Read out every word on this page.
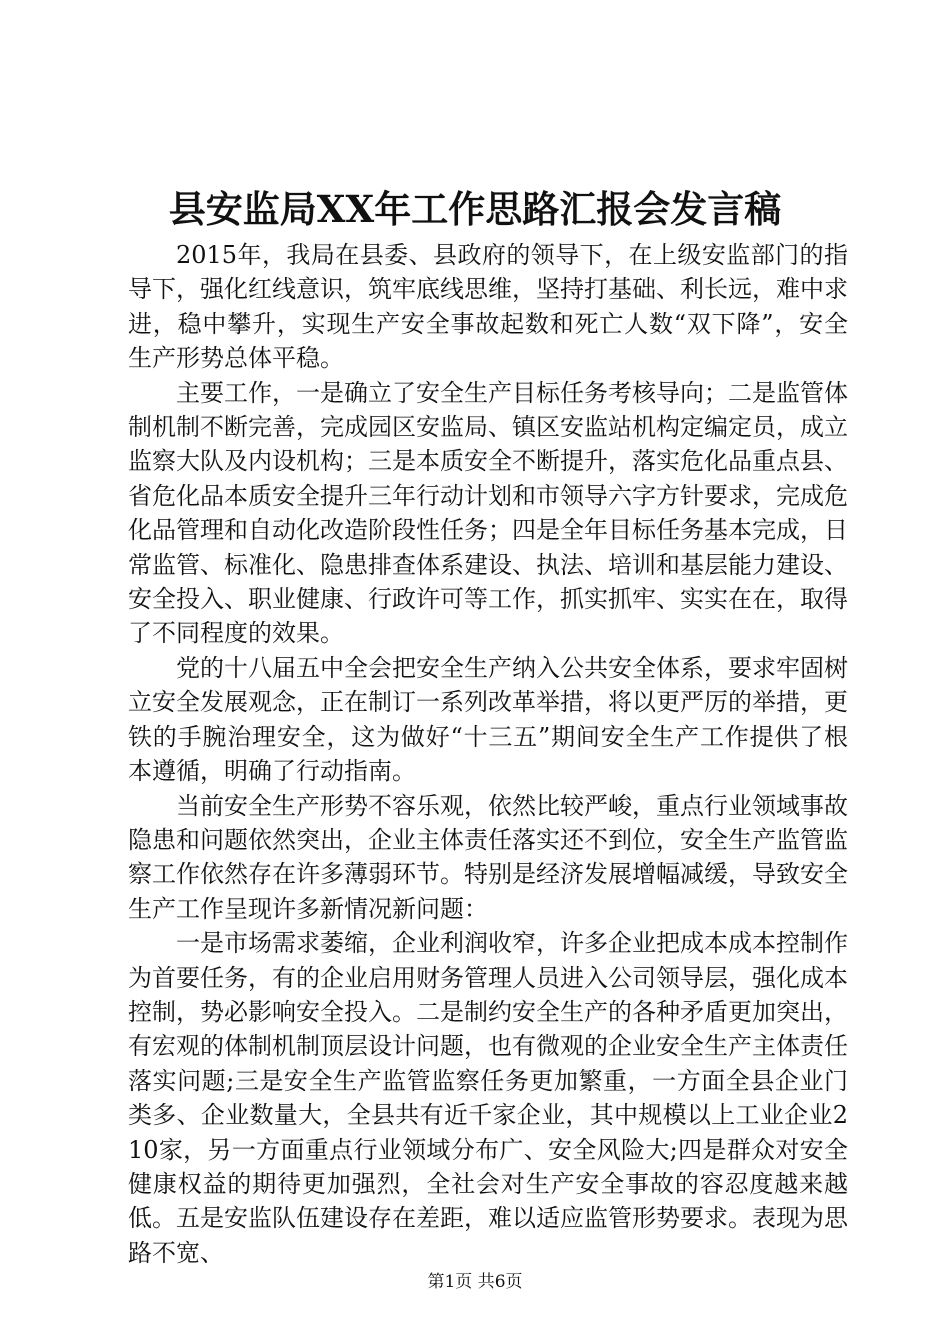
县安监局XX年工作思路汇报会发言稿

2015年，我局在县委、县政府的领导下，在上级安监部门的指导下，强化红线意识，筑牢底线思维，坚持打基础、利长远，难中求进，稳中攀升，实现生产安全事故起数和死亡人数“双下降”，安全生产形势总体平稳。

主要工作，一是确立了安全生产目标任务考核导向；二是监管体制机制不断完善，完成园区安监局、镇区安监站机构定编定员，成立监察大队及内设机构；三是本质安全不断提升，落实危化品重点县、省危化品本质安全提升三年行动计划和市领导六字方针要求，完成危化品管理和自动化改造阶段性任务；四是全年目标任务基本完成，日常监管、标准化、隐患排查体系建设、执法、培训和基层能力建设、安全投入、职业健康、行政许可等工作，抓实抓牢、实实在在，取得了不同程度的效果。

党的十八届五中全会把安全生产纳入公共安全体系，要求牢固树立安全发展观念，正在制订一系列改革举措，将以更严厉的举措，更铁的手腕治理安全，这为做好“十三五”期间安全生产工作提供了根本遵循，明确了行动指南。

当前安全生产形势不容乐观，依然比较严峻，重点行业领域事故隐患和问题依然突出，企业主体责任落实还不到位，安全生产监管监察工作依然存在许多薄弱环节。特别是经济发展增幅减缓，导致安全生产工作呈现许多新情况新问题：

一是市场需求萎缩，企业利润收窄，许多企业把成本成本控制作为首要任务，有的企业启用财务管理人员进入公司领导层，强化成本控制，势必影响安全投入。二是制约安全生产的各种矛盾更加突出，有宏观的体制机制顶层设计问题，也有微观的企业安全生产主体责任落实问题;三是安全生产监管监察任务更加繁重，一方面全县企业门类多、企业数量大，全县共有近千家企业，其中规模以上工业企业210家，另一方面重点行业领域分布广、安全风险大;四是群众对安全健康权益的期待更加强烈，全社会对生产安全事故的容忍度越来越低。五是安监队伍建设存在差距，难以适应监管形势要求。表现为思路不宽、

第1页 共6页
